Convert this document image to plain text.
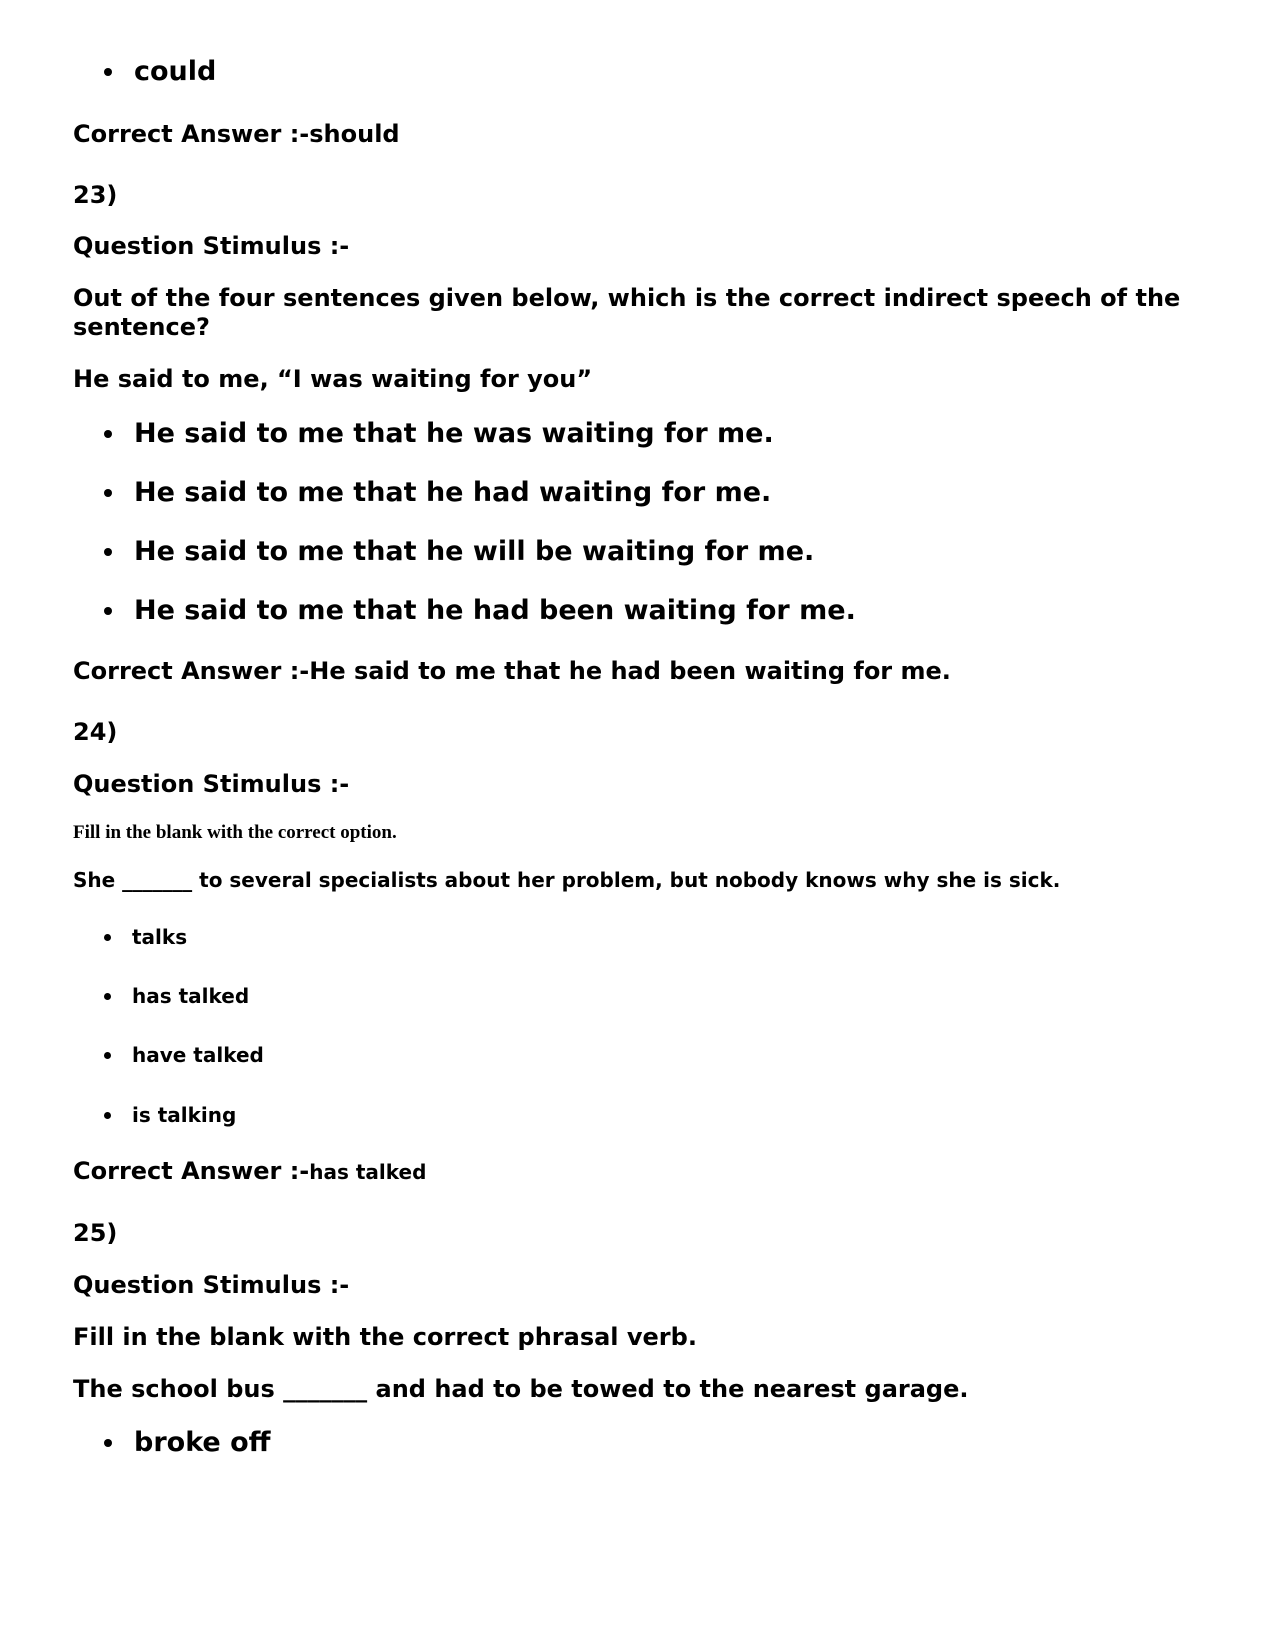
could

Correct Answer :-should

23)

Question Stimulus :-

Out of the four sentences given below, which is the correct indirect speech of the sentence?

He said to me, “I was waiting for you”

He said to me that he was waiting for me.
He said to me that he had waiting for me.
He said to me that he will be waiting for me.
He said to me that he had been waiting for me.

Correct Answer :-He said to me that he had been waiting for me.

24)

Question Stimulus :-

Fill in the blank with the correct option.

She _______ to several specialists about her problem, but nobody knows why she is sick.

talks
has talked
have talked
is talking

Correct Answer :-has talked

25)

Question Stimulus :-

Fill in the blank with the correct phrasal verb.

The school bus _______ and had to be towed to the nearest garage.

broke off
